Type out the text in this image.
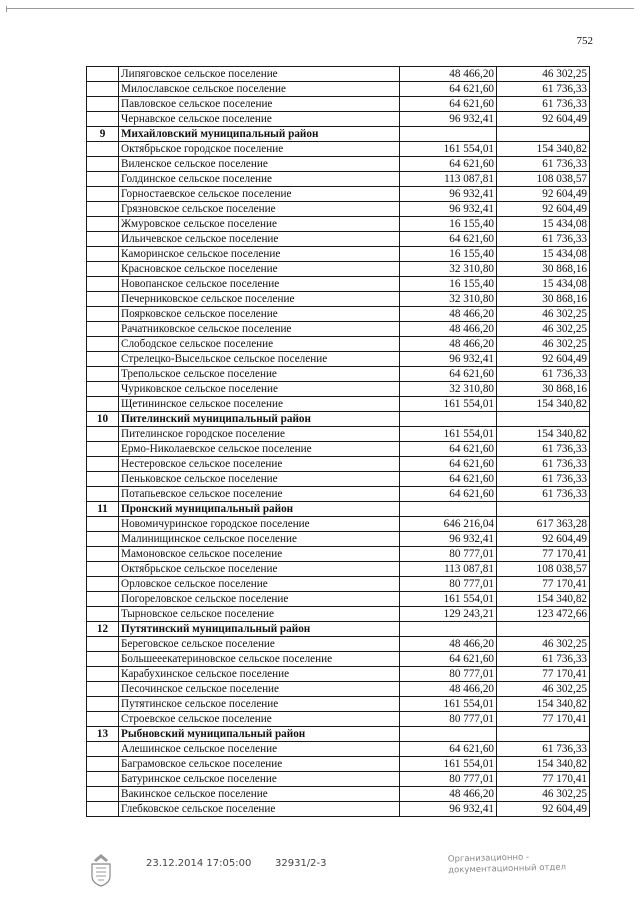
752
	Липяговское сельское поселение	48 466,20	46 302,25
	Милославское сельское поселение	64 621,60	61 736,33
	Павловское сельское поселение	64 621,60	61 736,33
	Чернавское сельское поселение	96 932,41	92 604,49
9	Михайловский муниципальный район		
	Октябрьское городское поселение	161 554,01	154 340,82
	Виленское сельское поселение	64 621,60	61 736,33
	Голдинское сельское поселение	113 087,81	108 038,57
	Горностаевское сельское поселение	96 932,41	92 604,49
	Грязновское сельское поселение	96 932,41	92 604,49
	Жмуровское сельское поселение	16 155,40	15 434,08
	Ильичевское сельское поселение	64 621,60	61 736,33
	Каморинское сельское поселение	16 155,40	15 434,08
	Красновское сельское поселение	32 310,80	30 868,16
	Новопанское сельское поселение	16 155,40	15 434,08
	Печерниковское сельское поселение	32 310,80	30 868,16
	Поярковское сельское поселение	48 466,20	46 302,25
	Рачатниковское сельское поселение	48 466,20	46 302,25
	Слободское сельское поселение	48 466,20	46 302,25
	Стрелецко-Высельское сельское поселение	96 932,41	92 604,49
	Трепольское сельское поселение	64 621,60	61 736,33
	Чуриковское сельское поселение	32 310,80	30 868,16
	Щетининское сельское поселение	161 554,01	154 340,82
10	Пителинский муниципальный район		
	Пителинское городское поселение	161 554,01	154 340,82
	Ермо-Николаевское сельское поселение	64 621,60	61 736,33
	Нестеровское сельское поселение	64 621,60	61 736,33
	Пеньковское сельское поселение	64 621,60	61 736,33
	Потапьевское сельское поселение	64 621,60	61 736,33
11	Пронский муниципальный район		
	Новомичуринское городское поселение	646 216,04	617 363,28
	Малинищинское сельское поселение	96 932,41	92 604,49
	Мамоновское сельское поселение	80 777,01	77 170,41
	Октябрьское сельское поселение	113 087,81	108 038,57
	Орловское сельское поселение	80 777,01	77 170,41
	Погореловское сельское поселение	161 554,01	154 340,82
	Тырновское сельское поселение	129 243,21	123 472,66
12	Путятинский муниципальный район		
	Береговское сельское поселение	48 466,20	46 302,25
	Большееекатериновское сельское поселение	64 621,60	61 736,33
	Карабухинское сельское поселение	80 777,01	77 170,41
	Песочинское сельское поселение	48 466,20	46 302,25
	Путятинское сельское поселение	161 554,01	154 340,82
	Строевское сельское поселение	80 777,01	77 170,41
13	Рыбновский муниципальный район		
	Алешинское сельское поселение	64 621,60	61 736,33
	Баграмовское сельское поселение	161 554,01	154 340,82
	Батуринское сельское поселение	80 777,01	77 170,41
	Вакинское сельское поселение	48 466,20	46 302,25
	Глебковское сельское поселение	96 932,41	92 604,49
23.12.2014 17:05:00 32931/2-3	Организационно -
документационный отдел
